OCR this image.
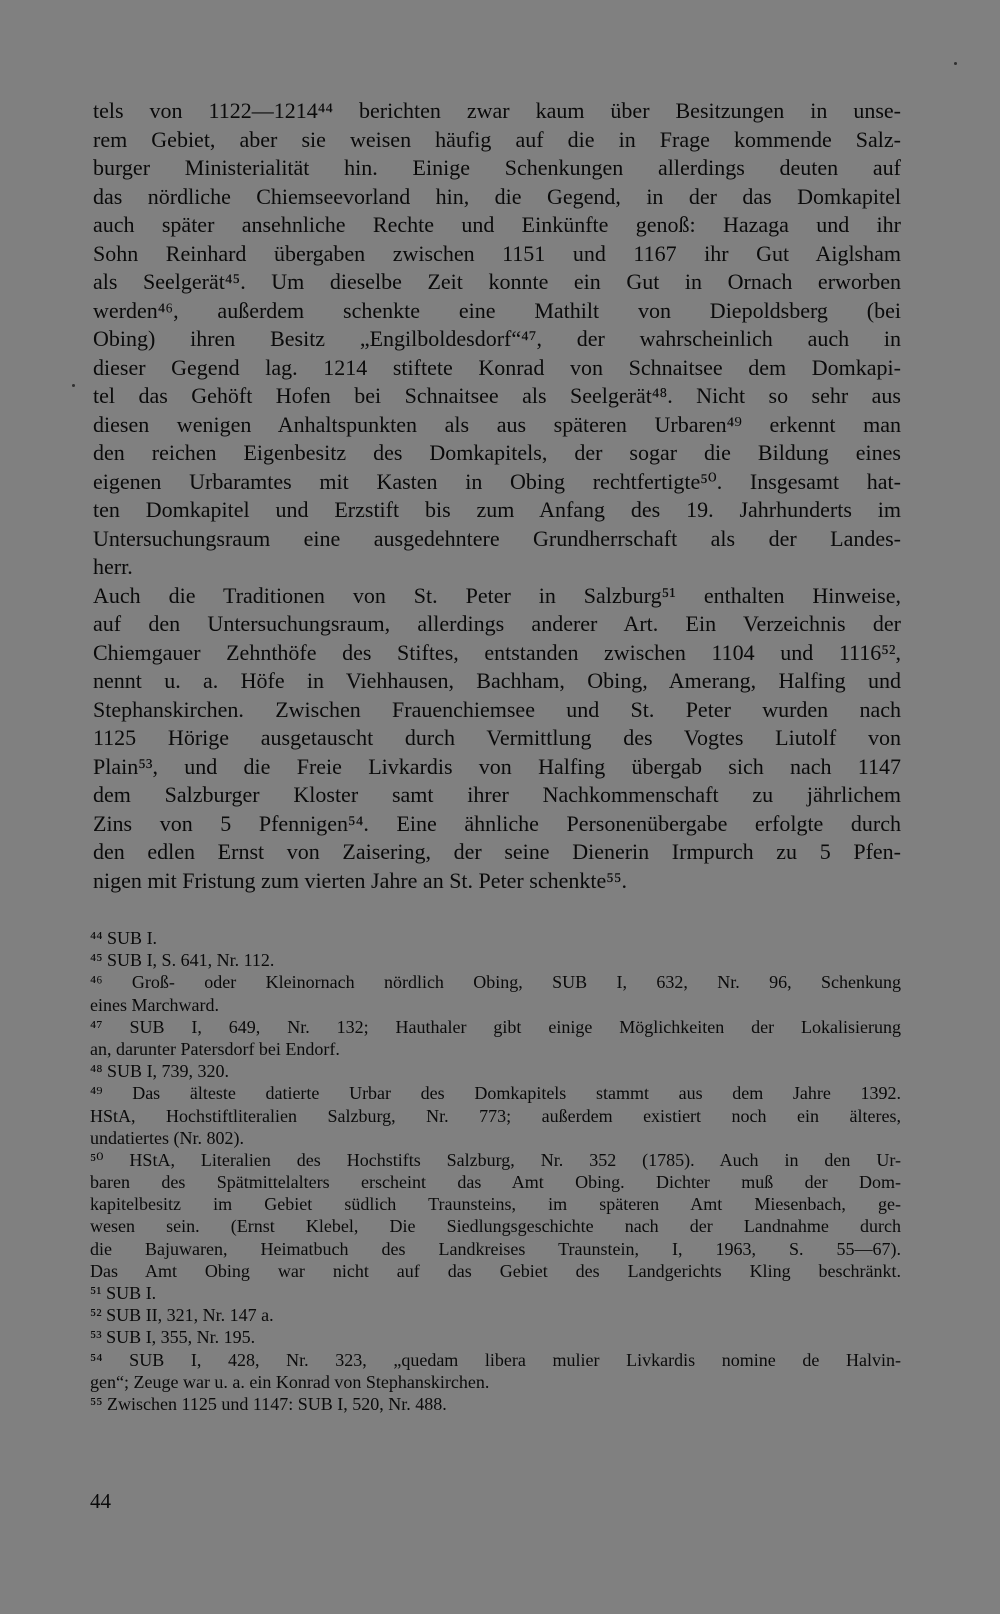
tels von 1122—1214⁴⁴ berichten zwar kaum über Besitzungen in unse-
rem Gebiet, aber sie weisen häufig auf die in Frage kommende Salz-
burger Ministerialität hin. Einige Schenkungen allerdings deuten auf
das nördliche Chiemseevorland hin, die Gegend, in der das Domkapitel
auch später ansehnliche Rechte und Einkünfte genoß: Hazaga und ihr
Sohn Reinhard übergaben zwischen 1151 und 1167 ihr Gut Aiglsham
als Seelgerät⁴⁵. Um dieselbe Zeit konnte ein Gut in Ornach erworben
werden⁴⁶, außerdem schenkte eine Mathilt von Diepoldsberg (bei
Obing) ihren Besitz „Engilboldesdorf“⁴⁷, der wahrscheinlich auch in
dieser Gegend lag. 1214 stiftete Konrad von Schnaitsee dem Domkapi-
tel das Gehöft Hofen bei Schnaitsee als Seelgerät⁴⁸. Nicht so sehr aus
diesen wenigen Anhaltspunkten als aus späteren Urbaren⁴⁹ erkennt man
den reichen Eigenbesitz des Domkapitels, der sogar die Bildung eines
eigenen Urbaramtes mit Kasten in Obing rechtfertigte⁵⁰. Insgesamt hat-
ten Domkapitel und Erzstift bis zum Anfang des 19. Jahrhunderts im
Untersuchungsraum eine ausgedehntere Grundherrschaft als der Landes-
herr.
Auch die Traditionen von St. Peter in Salzburg⁵¹ enthalten Hinweise,
auf den Untersuchungsraum, allerdings anderer Art. Ein Verzeichnis der
Chiemgauer Zehnthöfe des Stiftes, entstanden zwischen 1104 und 1116⁵²,
nennt u. a. Höfe in Viehhausen, Bachham, Obing, Amerang, Halfing und
Stephanskirchen. Zwischen Frauenchiemsee und St. Peter wurden nach
1125 Hörige ausgetauscht durch Vermittlung des Vogtes Liutolf von
Plain⁵³, und die Freie Livkardis von Halfing übergab sich nach 1147
dem Salzburger Kloster samt ihrer Nachkommenschaft zu jährlichem
Zins von 5 Pfennigen⁵⁴. Eine ähnliche Personenübergabe erfolgte durch
den edlen Ernst von Zaisering, der seine Dienerin Irmpurch zu 5 Pfen-
nigen mit Fristung zum vierten Jahre an St. Peter schenkte⁵⁵.
⁴⁴ SUB I.
⁴⁵ SUB I, S. 641, Nr. 112.
⁴⁶ Groß- oder Kleinornach nördlich Obing, SUB I, 632, Nr. 96, Schenkung
eines Marchward.
⁴⁷ SUB I, 649, Nr. 132; Hauthaler gibt einige Möglichkeiten der Lokalisierung
an, darunter Patersdorf bei Endorf.
⁴⁸ SUB I, 739, 320.
⁴⁹ Das älteste datierte Urbar des Domkapitels stammt aus dem Jahre 1392.
HStA, Hochstiftliteralien Salzburg, Nr. 773; außerdem existiert noch ein älteres,
undatiertes (Nr. 802).
⁵⁰ HStA, Literalien des Hochstifts Salzburg, Nr. 352 (1785). Auch in den Ur-
baren des Spätmittelalters erscheint das Amt Obing. Dichter muß der Dom-
kapitelbesitz im Gebiet südlich Traunsteins, im späteren Amt Miesenbach, ge-
wesen sein. (Ernst Klebel, Die Siedlungsgeschichte nach der Landnahme durch
die Bajuwaren, Heimatbuch des Landkreises Traunstein, I, 1963, S. 55—67).
Das Amt Obing war nicht auf das Gebiet des Landgerichts Kling beschränkt.
⁵¹ SUB I.
⁵² SUB II, 321, Nr. 147 a.
⁵³ SUB I, 355, Nr. 195.
⁵⁴ SUB I, 428, Nr. 323, „quedam libera mulier Livkardis nomine de Halvin-
gen“; Zeuge war u. a. ein Konrad von Stephanskirchen.
⁵⁵ Zwischen 1125 und 1147: SUB I, 520, Nr. 488.
44
